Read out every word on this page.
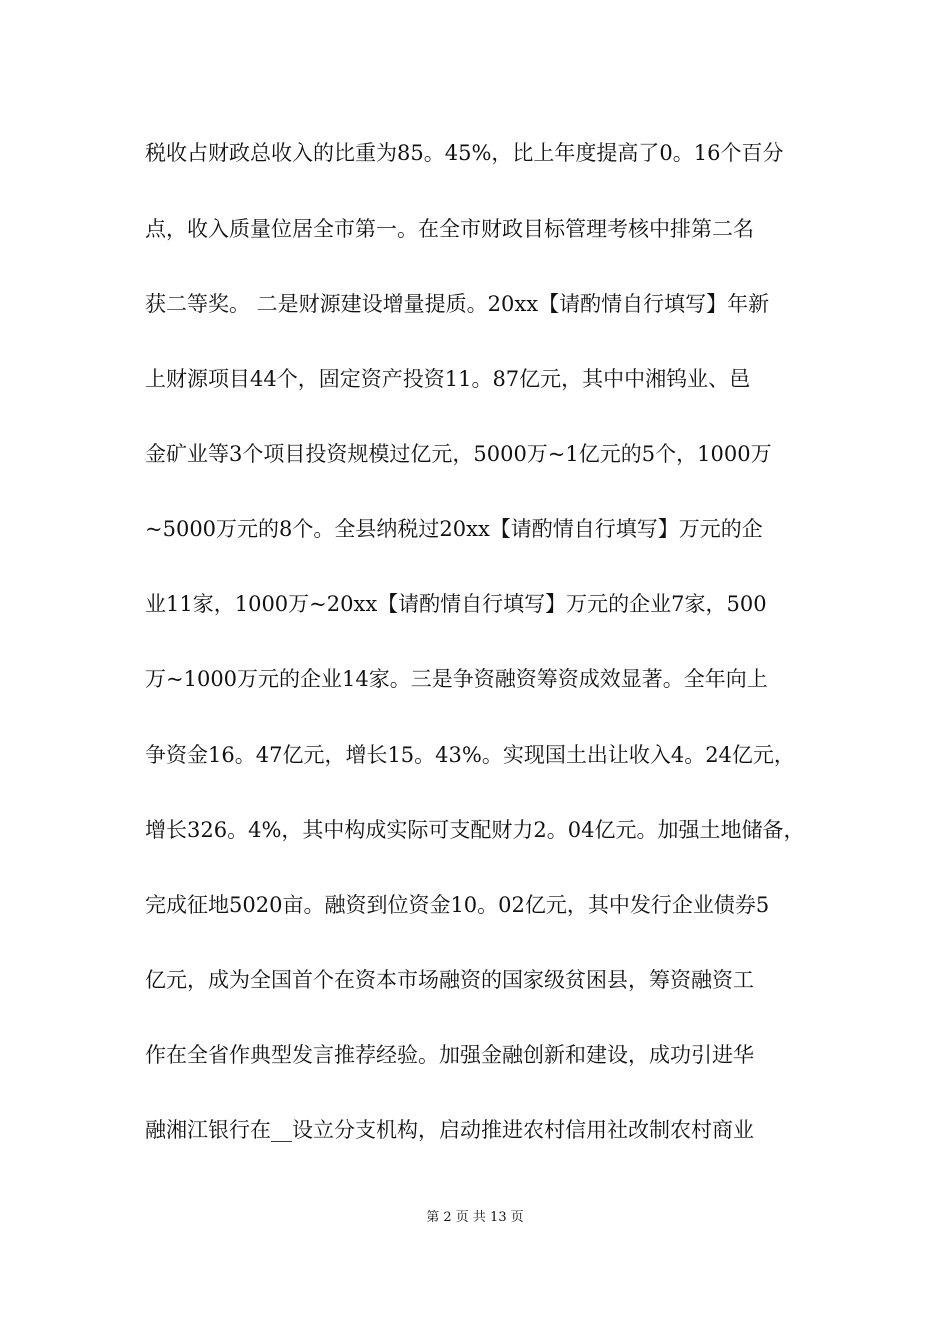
税收占财政总收入的比重为85。45%，比上年度提高了0。16个百分
点，收入质量位居全市第一。在全市财政目标管理考核中排第二名
获二等奖。 二是财源建设增量提质。20xx【请酌情自行填写】年新
上财源项目44个，固定资产投资11。87亿元，其中中湘钨业、邑
金矿业等3个项目投资规模过亿元，5000万~1亿元的5个，1000万
~5000万元的8个。全县纳税过20xx【请酌情自行填写】万元的企
业11家，1000万~20xx【请酌情自行填写】万元的企业7家，500
万~1000万元的企业14家。三是争资融资筹资成效显著。全年向上
争资金16。47亿元，增长15。43%。实现国土出让收入4。24亿元，
增长326。4%，其中构成实际可支配财力2。04亿元。加强土地储备，
完成征地5020亩。融资到位资金10。02亿元，其中发行企业债券5
亿元，成为全国首个在资本市场融资的国家级贫困县，筹资融资工
作在全省作典型发言推荐经验。加强金融创新和建设，成功引进华
融湘江银行在__设立分支机构，启动推进农村信用社改制农村商业
第 2 页 共 13 页
